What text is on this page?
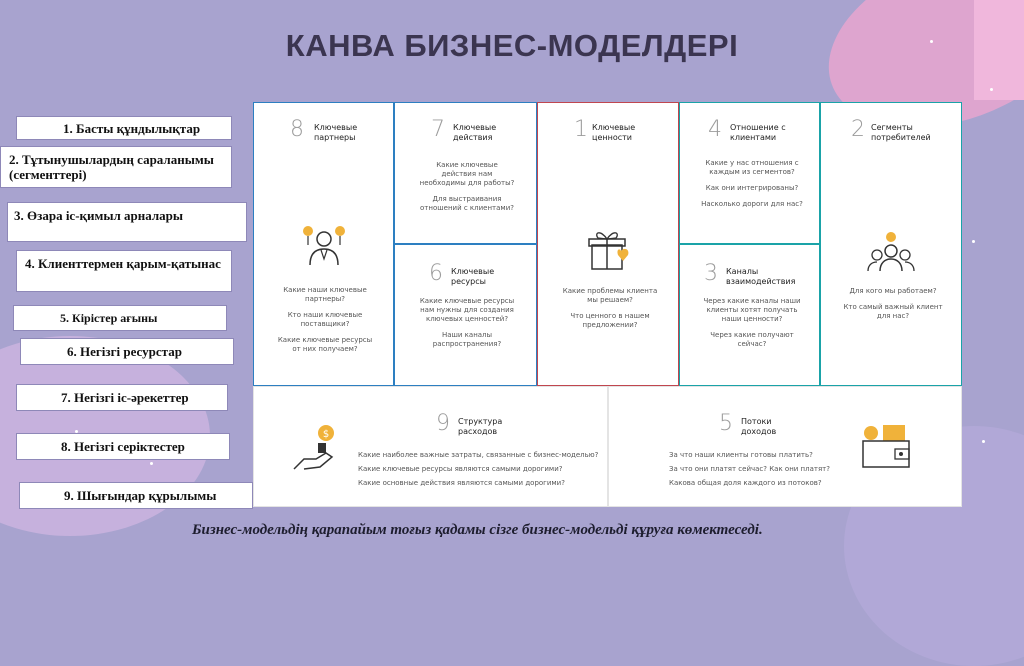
КАНВА БИЗНЕС-МОДЕЛДЕРІ
1. Басты құндылықтар
2. Тұтынушылардың сараланымы (сегменттері)
3. Өзара іс-қимыл арналары
4. Клиенттермен қарым-қатынас
5. Кірістер ағыны
6. Негізгі ресурстар
7. Негізгі іс-әрекеттер
8. Негізгі серіктестер
9. Шығындар құрылымы
8 Ключевые партнеры

Какие наши ключевые партнеры?

Кто наши ключевые поставщики?

Какие ключевые ресурсы от них получаем?

7 Ключевые действия

Какие ключевые действия нам необходимы для работы?

Для выстраивания отношений с клиентами?

6 Ключевые ресурсы

Какие ключевые ресурсы нам нужны для создания ключевых ценностей?

Наши каналы распространения?

1 Ключевые ценности

Какие проблемы клиента мы решаем?

Что ценного в нашем предложении?

4 Отношение с клиентами

Какие у нас отношения с каждым из сегментов?

Как они интегрированы?

Насколько дороги для нас?

3 Каналы взаимодействия

Через какие каналы наши клиенты хотят получать наши ценности?

Через какие получают сейчас?

2 Сегменты потребителей

Для кого мы работаем?

Кто самый важный клиент для нас?

$	9 Структура расходов

Какие наиболее важные затраты, связанные с бизнес-моделью?

Какие ключевые ресурсы являются самыми дорогими?

Какие основные действия являются самыми дорогими?

5 Потоки доходов

За что наши клиенты готовы платить?

За что они платят сейчас? Как они платят?

Какова общая доля каждого из потоков?

Бизнес-модельдің қарапайым тоғыз қадамы сізге бизнес-модельді құруға көмектеседі.
